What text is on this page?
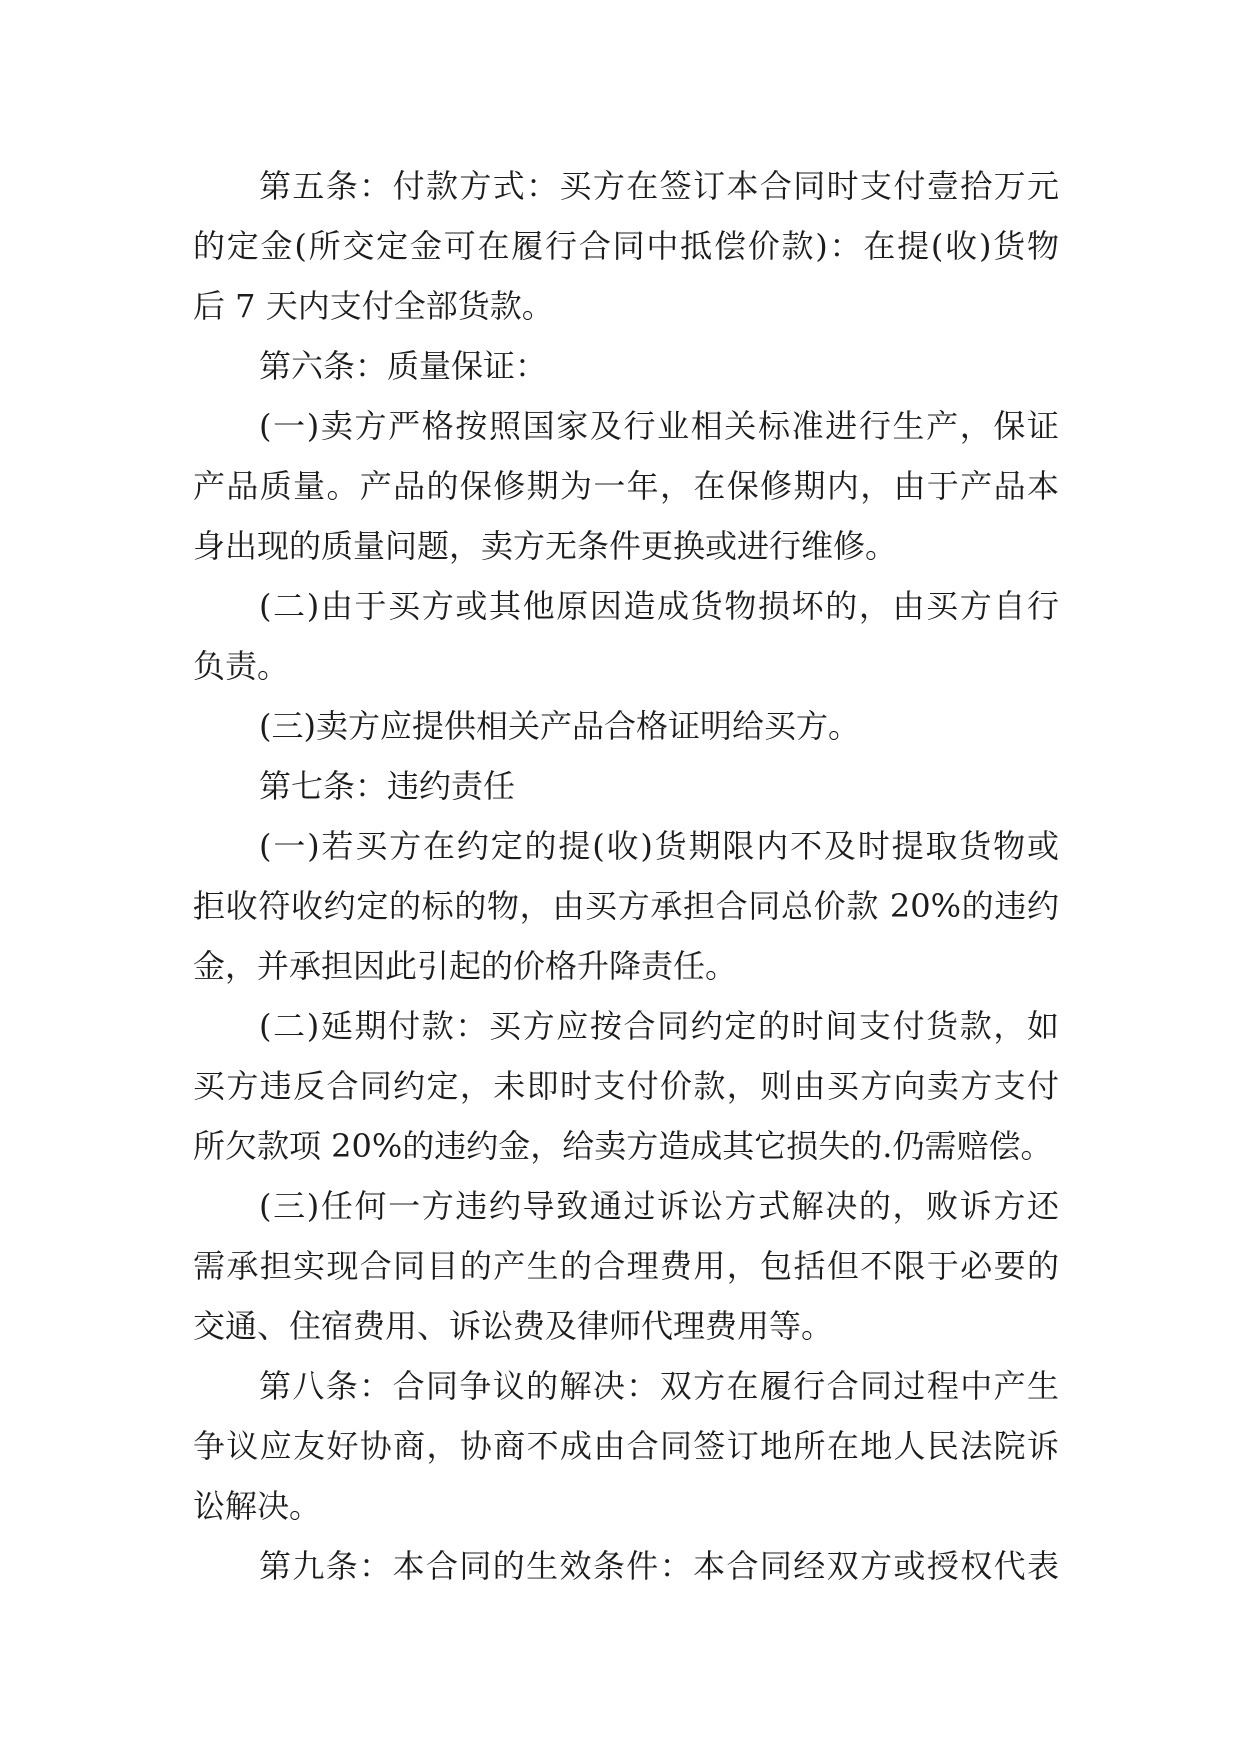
第五条：付款方式：买方在签订本合同时支付壹拾万元
的定金(所交定金可在履行合同中抵偿价款)：在提(收)货物
后 7 天内支付全部货款。
第六条：质量保证：
(一)卖方严格按照国家及行业相关标准进行生产，保证
产品质量。产品的保修期为一年，在保修期内，由于产品本
身出现的质量问题，卖方无条件更换或进行维修。
(二)由于买方或其他原因造成货物损坏的，由买方自行
负责。
(三)卖方应提供相关产品合格证明给买方。
第七条：违约责任
(一)若买方在约定的提(收)货期限内不及时提取货物或
拒收符收约定的标的物，由买方承担合同总价款 20%的违约
金，并承担因此引起的价格升降责任。
(二)延期付款：买方应按合同约定的时间支付货款，如
买方违反合同约定，未即时支付价款，则由买方向卖方支付
所欠款项 20%的违约金，给卖方造成其它损失的.仍需赔偿。
(三)任何一方违约导致通过诉讼方式解决的，败诉方还
需承担实现合同目的产生的合理费用，包括但不限于必要的
交通、住宿费用、诉讼费及律师代理费用等。
第八条：合同争议的解决：双方在履行合同过程中产生
争议应友好协商，协商不成由合同签订地所在地人民法院诉
讼解决。
第九条：本合同的生效条件：本合同经双方或授权代表
